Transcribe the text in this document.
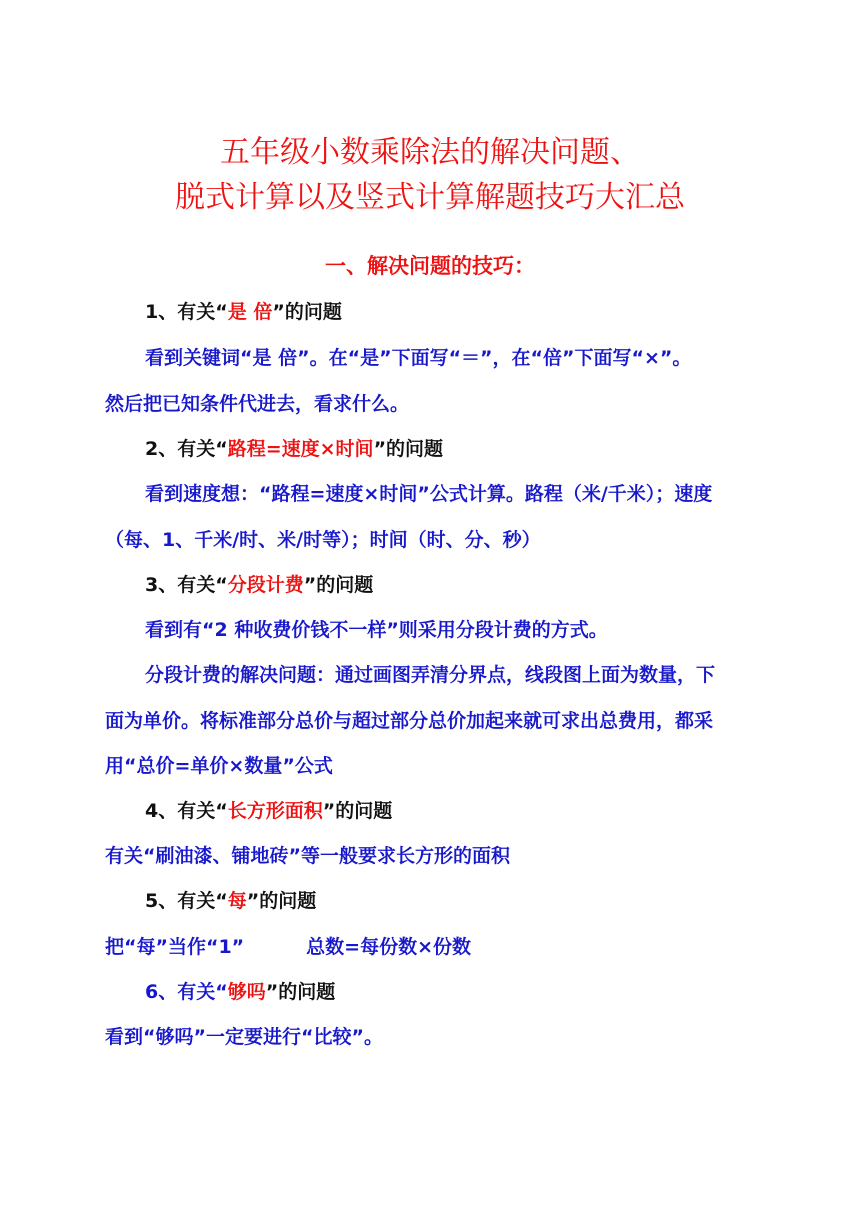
五年级小数乘除法的解决问题、
脱式计算以及竖式计算解题技巧大汇总
一、解决问题的技巧：
1、有关“是 倍”的问题
看到关键词“是 倍”。在“是”下面写“＝”，在“倍”下面写“×”。
然后把已知条件代进去，看求什么。
2、有关“路程=速度×时间”的问题
看到速度想：“路程=速度×时间”公式计算。路程（米/千米）；速度
（每、1、千米/时、米/时等）；时间（时、分、秒）
3、有关“分段计费”的问题
看到有“2 种收费价钱不一样”则采用分段计费的方式。
分段计费的解决问题：通过画图弄清分界点，线段图上面为数量，下
面为单价。将标准部分总价与超过部分总价加起来就可求出总费用，都采
用“总价=单价×数量”公式
4、有关“长方形面积”的问题
有关“刷油漆、铺地砖”等一般要求长方形的面积
5、有关“每”的问题
把“每”当作“1”	总数=每份数×份数
6、有关“够吗”的问题
看到“够吗”一定要进行“比较”。
